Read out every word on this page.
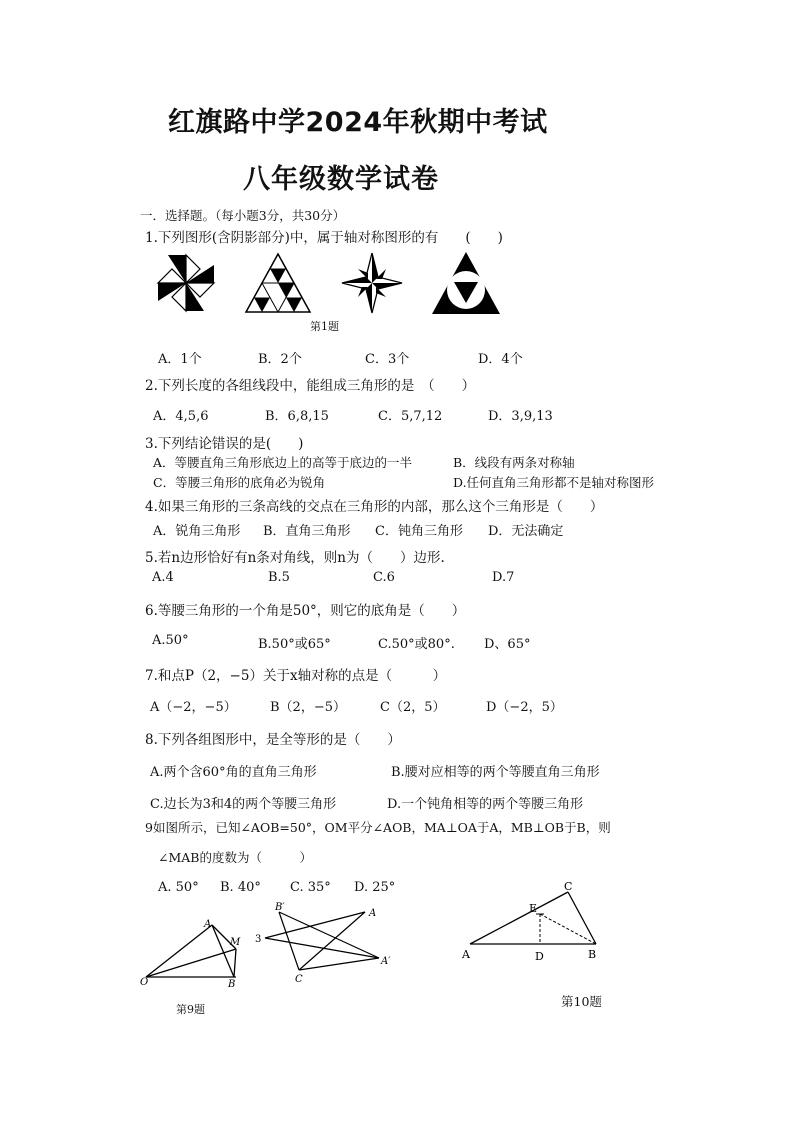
红旗路中学2024年秋期中考试
八年级数学试卷
一．选择题。（每小题3分，共30分）
1.下列图形(含阴影部分)中，属于轴对称图形的有　　(　　)
第1题
A．1个	B．2个	C．3个	D．4个
2.下列长度的各组线段中，能组成三角形的是　（　　）
A．4,5,6	B．6,8,15	C．5,7,12	D．3,9,13
3.下列结论错误的是(　　)
A．等腰直角三角形底边上的高等于底边的一半	B．线段有两条对称轴
C．等腰三角形的底角必为锐角	D.任何直角三角形都不是轴对称图形
4.如果三角形的三条高线的交点在三角形的内部，那么这个三角形是（　　）
A．锐角三角形 B．直角三角形 C．钝角三角形 D．无法确定
5.若n边形恰好有n条对角线，则n为（　　）边形.
A.4	B.5	C.6	D.7
6.等腰三角形的一个角是50°，则它的底角是（　　）
A.50°	B.50°或65°	C.50°或80°. D、65°
7.和点P（2，−5）关于x轴对称的点是（　　　）
A（−2，−5）	B（2，−5）	C（2，5）	D（−2，5）
8.下列各组图形中，是全等形的是（　　）
A.两个含60°角的直角三角形	B.腰对应相等的两个等腰直角三角形
C.边长为3和4的两个等腰三角形	D.一个钝角相等的两个等腰三角形
9如图所示，已知∠AOB=50°，OM平分∠AOB，MA⊥OA于A，MB⊥OB于B，则
∠MAB的度数为（　　　）
A. 50° B. 40° C. 35° D. 25°
O
A
M
B
第9题
B′
A
3
C
A′
A	B
C
D
E
第10题
